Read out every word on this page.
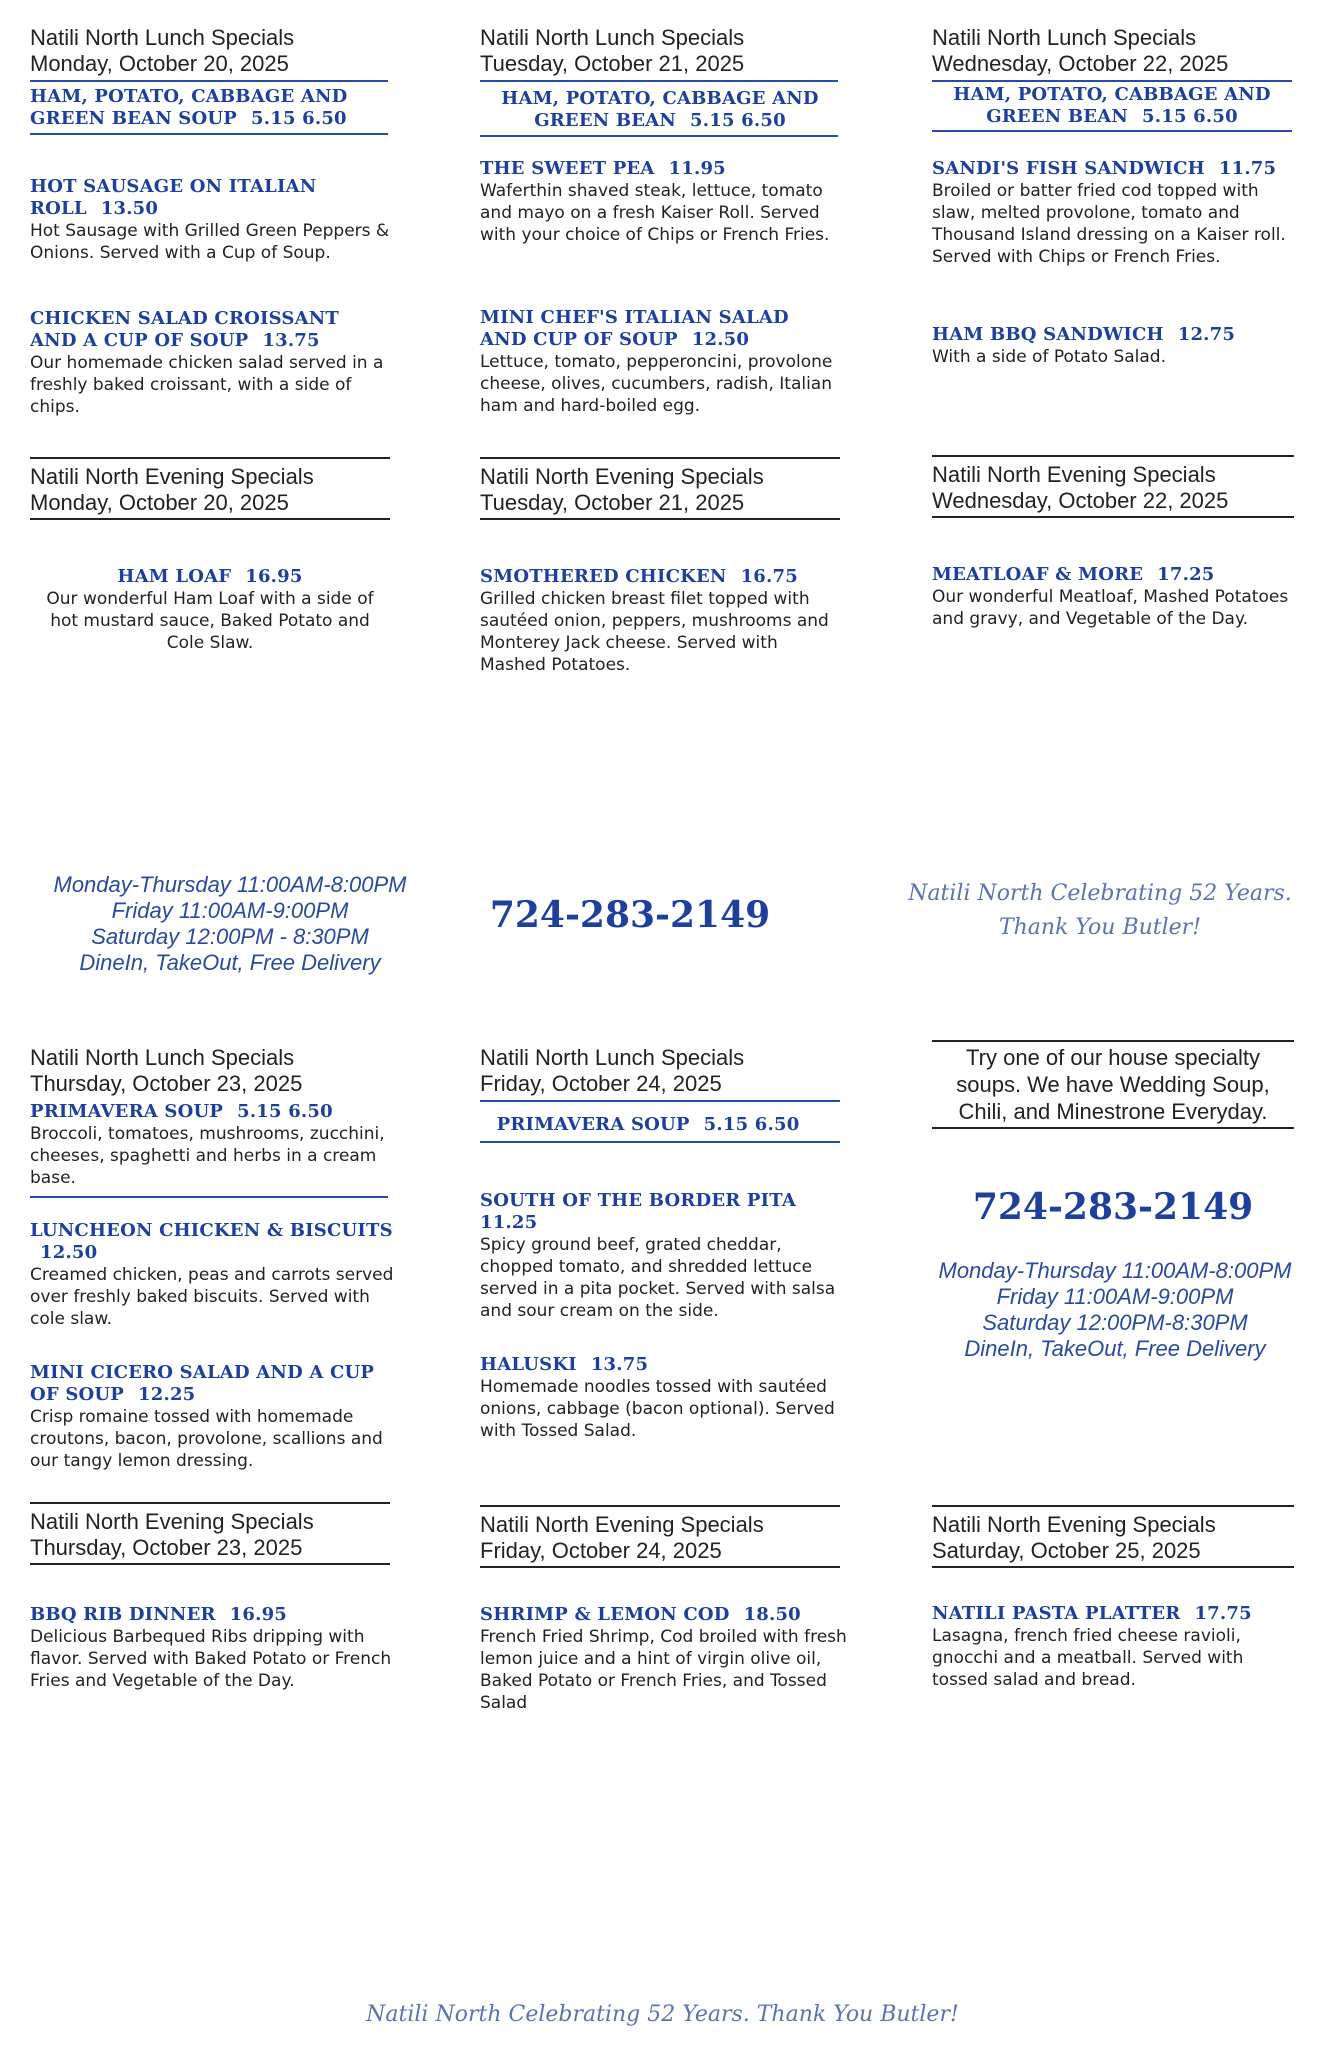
Natili North Lunch Specials
Monday, October 20, 2025
HAM, POTATO, CABBAGE AND
GREEN BEAN SOUP 5.15 6.50
HOT SAUSAGE ON ITALIAN
ROLL 13.50
Hot Sausage with Grilled Green Peppers & Onions. Served with a Cup of Soup.
CHICKEN SALAD CROISSANT
AND A CUP OF SOUP 13.75
Our homemade chicken salad served in a freshly baked croissant, with a side of chips.
Natili North Evening Specials
Monday, October 20, 2025
HAM LOAF 16.95
Our wonderful Ham Loaf with a side of hot mustard sauce, Baked Potato and Cole Slaw.
Natili North Lunch Specials
Tuesday, October 21, 2025
HAM, POTATO, CABBAGE AND
GREEN BEAN 5.15 6.50
THE SWEET PEA 11.95
Waferthin shaved steak, lettuce, tomato and mayo on a fresh Kaiser Roll. Served with your choice of Chips or French Fries.
MINI CHEF'S ITALIAN SALAD
AND CUP OF SOUP 12.50
Lettuce, tomato, pepperoncini, provolone cheese, olives, cucumbers, radish, Italian ham and hard-boiled egg.
Natili North Evening Specials
Tuesday, October 21, 2025
SMOTHERED CHICKEN 16.75
Grilled chicken breast filet topped with sautéed onion, peppers, mushrooms and Monterey Jack cheese. Served with Mashed Potatoes.
Natili North Lunch Specials
Wednesday, October 22, 2025
HAM, POTATO, CABBAGE AND
GREEN BEAN 5.15 6.50
SANDI'S FISH SANDWICH 11.75
Broiled or batter fried cod topped with slaw, melted provolone, tomato and Thousand Island dressing on a Kaiser roll. Served with Chips or French Fries.
HAM BBQ SANDWICH 12.75
With a side of Potato Salad.
Natili North Evening Specials
Wednesday, October 22, 2025
MEATLOAF & MORE 17.25
Our wonderful Meatloaf, Mashed Potatoes and gravy, and Vegetable of the Day.
Monday-Thursday 11:00AM-8:00PM
Friday 11:00AM-9:00PM
Saturday 12:00PM - 8:30PM
DineIn, TakeOut, Free Delivery
724-283-2149
Natili North Celebrating 52 Years.
Thank You Butler!
Natili North Lunch Specials
Thursday, October 23, 2025
PRIMAVERA SOUP 5.15 6.50
Broccoli, tomatoes, mushrooms, zucchini, cheeses, spaghetti and herbs in a cream base.
LUNCHEON CHICKEN & BISCUITS
12.50
Creamed chicken, peas and carrots served over freshly baked biscuits. Served with cole slaw.
MINI CICERO SALAD AND A CUP
OF SOUP 12.25
Crisp romaine tossed with homemade croutons, bacon, provolone, scallions and our tangy lemon dressing.
Natili North Evening Specials
Thursday, October 23, 2025
BBQ RIB DINNER 16.95
Delicious Barbequed Ribs dripping with flavor. Served with Baked Potato or French Fries and Vegetable of the Day.
Natili North Lunch Specials
Friday, October 24, 2025
PRIMAVERA SOUP 5.15 6.50
SOUTH OF THE BORDER PITA
11.25
Spicy ground beef, grated cheddar, chopped tomato, and shredded lettuce served in a pita pocket. Served with salsa and sour cream on the side.
HALUSKI 13.75
Homemade noodles tossed with sautéed onions, cabbage (bacon optional). Served with Tossed Salad.
Natili North Evening Specials
Friday, October 24, 2025
SHRIMP & LEMON COD 18.50
French Fried Shrimp, Cod broiled with fresh lemon juice and a hint of virgin olive oil, Baked Potato or French Fries, and Tossed Salad
Try one of our house specialty soups. We have Wedding Soup, Chili, and Minestrone Everyday.
724-283-2149
Monday-Thursday 11:00AM-8:00PM
Friday 11:00AM-9:00PM
Saturday 12:00PM-8:30PM
DineIn, TakeOut, Free Delivery
Natili North Evening Specials
Saturday, October 25, 2025
NATILI PASTA PLATTER 17.75
Lasagna, french fried cheese ravioli, gnocchi and a meatball. Served with tossed salad and bread.
Natili North Celebrating 52 Years. Thank You Butler!
